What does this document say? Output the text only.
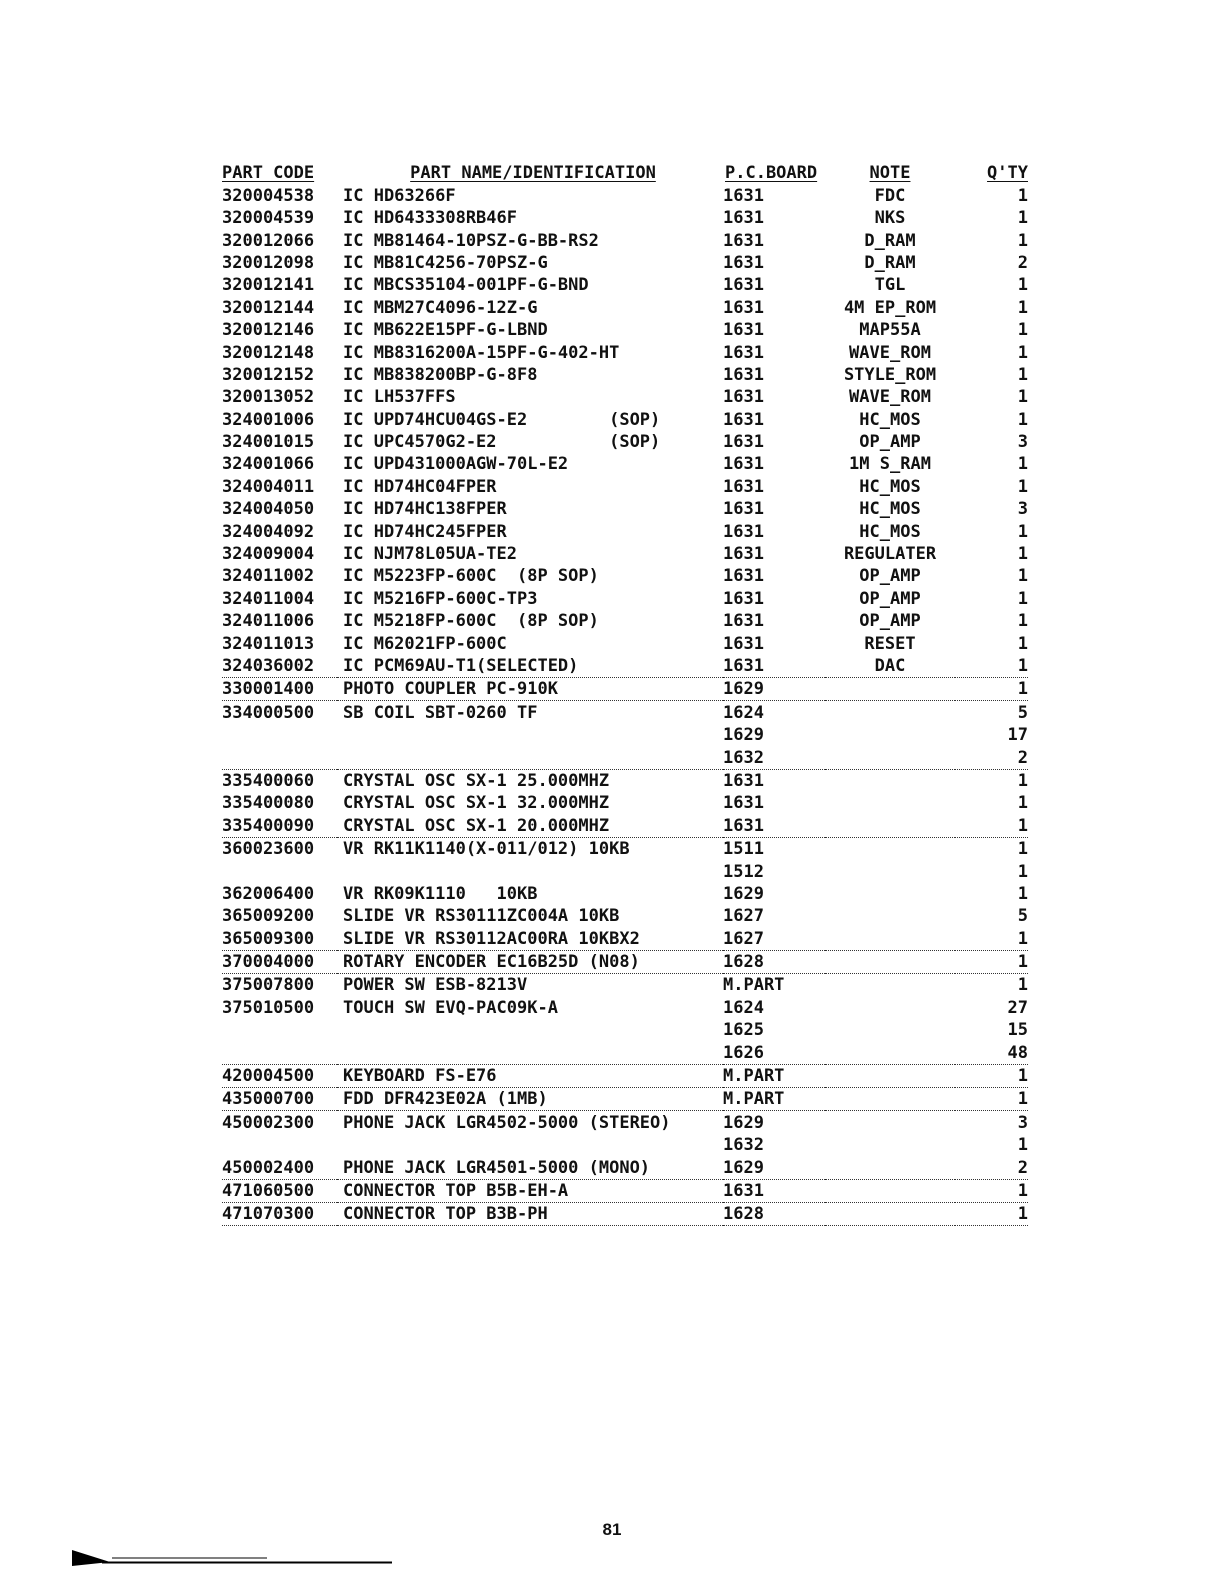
PART CODE	PART NAME/IDENTIFICATION	P.C.BOARD	NOTE	Q'TY
320004538	IC HD63266F	1631	FDC	1
320004539	IC HD6433308RB46F	1631	NKS	1
320012066	IC MB81464-10PSZ-G-BB-RS2	1631	D_RAM	1
320012098	IC MB81C4256-70PSZ-G	1631	D_RAM	2
320012141	IC MBCS35104-001PF-G-BND	1631	TGL	1
320012144	IC MBM27C4096-12Z-G	1631	4M EP_ROM	1
320012146	IC MB622E15PF-G-LBND	1631	MAP55A	1
320012148	IC MB8316200A-15PF-G-402-HT	1631	WAVE_ROM	1
320012152	IC MB838200BP-G-8F8	1631	STYLE_ROM	1
320013052	IC LH537FFS	1631	WAVE_ROM	1
324001006	IC UPD74HCU04GS-E2        (SOP)	1631	HC_MOS	1
324001015	IC UPC4570G2-E2           (SOP)	1631	OP_AMP	3
324001066	IC UPD431000AGW-70L-E2	1631	1M S_RAM	1
324004011	IC HD74HC04FPER	1631	HC_MOS	1
324004050	IC HD74HC138FPER	1631	HC_MOS	3
324004092	IC HD74HC245FPER	1631	HC_MOS	1
324009004	IC NJM78L05UA-TE2	1631	REGULATER	1
324011002	IC M5223FP-600C  (8P SOP)	1631	OP_AMP	1
324011004	IC M5216FP-600C-TP3	1631	OP_AMP	1
324011006	IC M5218FP-600C  (8P SOP)	1631	OP_AMP	1
324011013	IC M62021FP-600C	1631	RESET	1
324036002	IC PCM69AU-T1(SELECTED)	1631	DAC	1
330001400	PHOTO COUPLER PC-910K	1629		1
334000500	SB COIL SBT-0260 TF	1624		5
		1629		17
		1632		2
335400060	CRYSTAL OSC SX-1 25.000MHZ	1631		1
335400080	CRYSTAL OSC SX-1 32.000MHZ	1631		1
335400090	CRYSTAL OSC SX-1 20.000MHZ	1631		1
360023600	VR RK11K1140(X-011/012) 10KB	1511		1
		1512		1
362006400	VR RK09K1110   10KB	1629		1
365009200	SLIDE VR RS30111ZC004A 10KB	1627		5
365009300	SLIDE VR RS30112AC00RA 10KBX2	1627		1
370004000	ROTARY ENCODER EC16B25D (N08)	1628		1
375007800	POWER SW ESB-8213V	M.PART		1
375010500	TOUCH SW EVQ-PAC09K-A	1624		27
		1625		15
		1626		48
420004500	KEYBOARD FS-E76	M.PART		1
435000700	FDD DFR423E02A (1MB)	M.PART		1
450002300	PHONE JACK LGR4502-5000 (STEREO)	1629		3
		1632		1
450002400	PHONE JACK LGR4501-5000 (MONO)	1629		2
471060500	CONNECTOR TOP B5B-EH-A	1631		1
471070300	CONNECTOR TOP B3B-PH	1628		1
81
